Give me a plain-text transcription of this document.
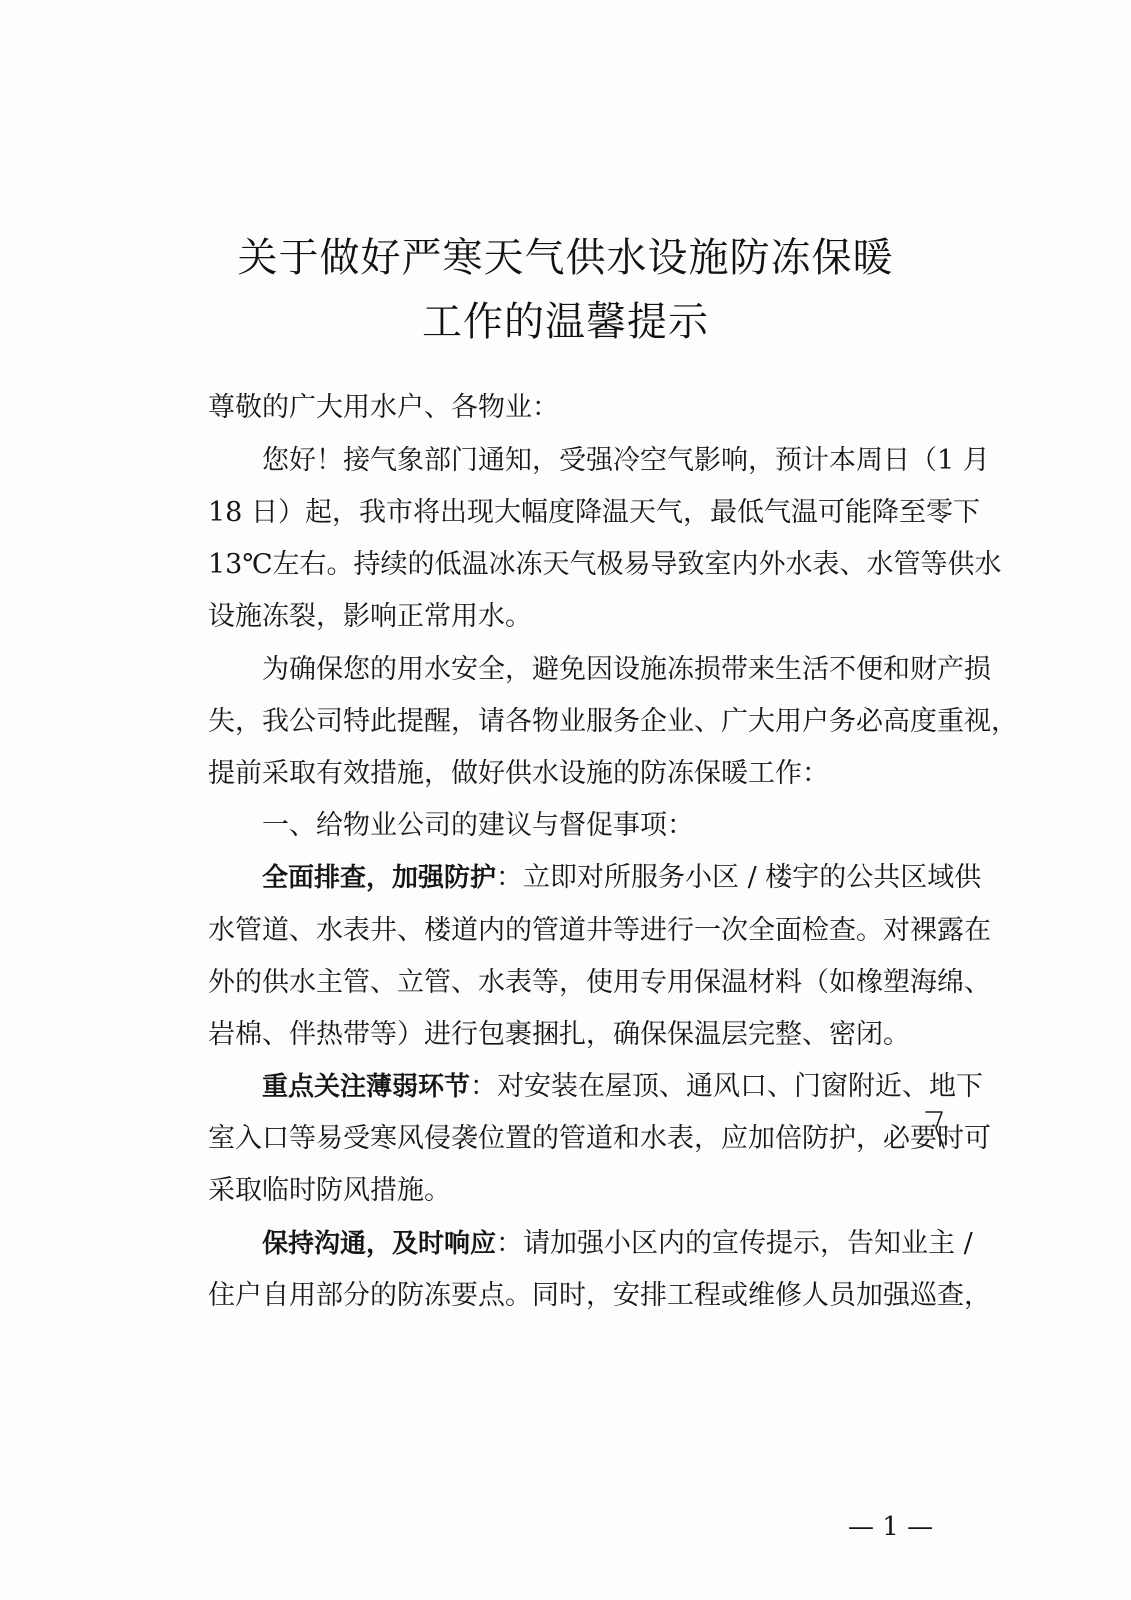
关于做好严寒天气供水设施防冻保暖
工作的温馨提示
尊敬的广大用水户、各物业：
您好！接气象部门通知，受强冷空气影响，预计本周日（1 月
18 日）起，我市将出现大幅度降温天气，最低气温可能降至零下
13℃左右。持续的低温冰冻天气极易导致室内外水表、水管等供水
设施冻裂，影响正常用水。
为确保您的用水安全，避免因设施冻损带来生活不便和财产损
失，我公司特此提醒，请各物业服务企业、广大用户务必高度重视，
提前采取有效措施，做好供水设施的防冻保暖工作：
一、给物业公司的建议与督促事项：
全面排查，加强防护：立即对所服务小区 / 楼宇的公共区域供
水管道、水表井、楼道内的管道井等进行一次全面检查。对裸露在
外的供水主管、立管、水表等，使用专用保温材料（如橡塑海绵、
岩棉、伴热带等）进行包裹捆扎，确保保温层完整、密闭。
重点关注薄弱环节：对安装在屋顶、通风口、门窗附近、地下
室入口等易受寒风侵袭位置的管道和水表，应加倍防护，必要时可
采取临时防风措施。
保持沟通，及时响应：请加强小区内的宣传提示，告知业主 /
住户自用部分的防冻要点。同时，安排工程或维修人员加强巡查，
— 1 —
